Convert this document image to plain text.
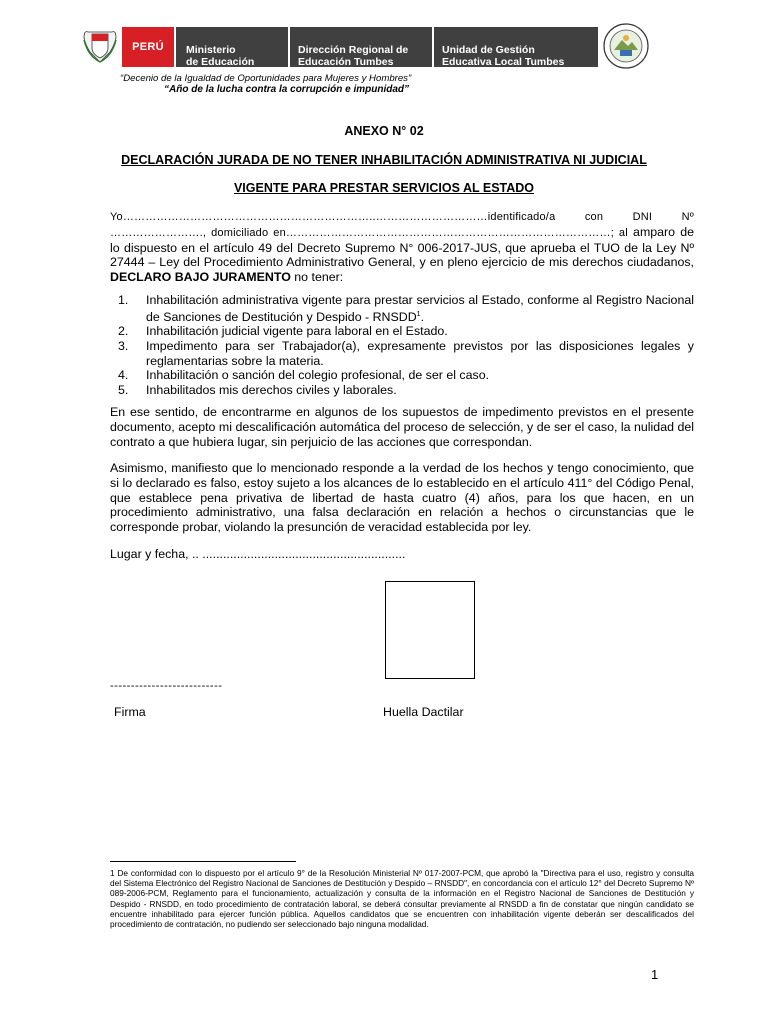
PERÚ	Ministerio
de Educación
Dirección Regional de
Educación Tumbes
Unidad de Gestión
Educativa Local Tumbes
“Decenio de la Igualdad de Oportunidades para Mujeres y Hombres”
“Año de la lucha contra la corrupción e impunidad”
ANEXO N° 02
DECLARACIÓN JURADA DE NO TENER INHABILITACIÓN ADMINISTRATIVA NI JUDICIAL
VIGENTE PARA PRESTAR SERVICIOS AL ESTADO
Yo…………………………………………………………..…………………………identificado/a con DNI Nº ……………………., domiciliado en……………………………………………………………………………; al amparo de lo dispuesto en el artículo 49 del Decreto Supremo N° 006-2017-JUS, que aprueba el TUO de la Ley Nº 27444 – Ley del Procedimiento Administrativo General, y en pleno ejercicio de mis derechos ciudadanos, DECLARO BAJO JURAMENTO no tener:
1. Inhabilitación administrativa vigente para prestar servicios al Estado, conforme al Registro Nacional de Sanciones de Destitución y Despido - RNSDD$^1$.
2. Inhabilitación judicial vigente para laboral en el Estado.
3. Impedimento para ser Trabajador(a), expresamente previstos por las disposiciones legales y reglamentarias sobre la materia.
4. Inhabilitación o sanción del colegio profesional, de ser el caso.
5. Inhabilitados mis derechos civiles y laborales.
En ese sentido, de encontrarme en algunos de los supuestos de impedimento previstos en el presente documento, acepto mi descalificación automática del proceso de selección, y de ser el caso, la nulidad del contrato a que hubiera lugar, sin perjuicio de las acciones que correspondan.
Asimismo, manifiesto que lo mencionado responde a la verdad de los hechos y tengo conocimiento, que si lo declarado es falso, estoy sujeto a los alcances de lo establecido en el artículo 411° del Código Penal, que establece pena privativa de libertad de hasta cuatro (4) años, para los que hacen, en un procedimiento administrativo, una falsa declaración en relación a hechos o circunstancias que le corresponde probar, violando la presunción de veracidad establecida por ley.
Lugar y fecha, .. ...........................................................
---------------------------
Firma	Huella Dactilar
1 De conformidad con lo dispuesto por el artículo 9° de la Resolución Ministerial Nº 017-2007-PCM, que aprobó la "Directiva para el uso, registro y consulta del Sistema Electrónico del Registro Nacional de Sanciones de Destitución y Despido – RNSDD", en concordancia con el artículo 12° del Decreto Supremo Nº 089-2006-PCM, Reglamento para el funcionamiento, actualización y consulta de la información en el Registro Nacional de Sanciones de Destitución y Despido - RNSDD, en todo procedimiento de contratación laboral, se deberá consultar previamente al RNSDD a fin de constatar que ningún candidato se encuentre inhabilitado para ejercer función pública. Aquellos candidatos que se encuentren con inhabilitación vigente deberán ser descalificados del procedimiento de contratación, no pudiendo ser seleccionado bajo ninguna modalidad.
1
